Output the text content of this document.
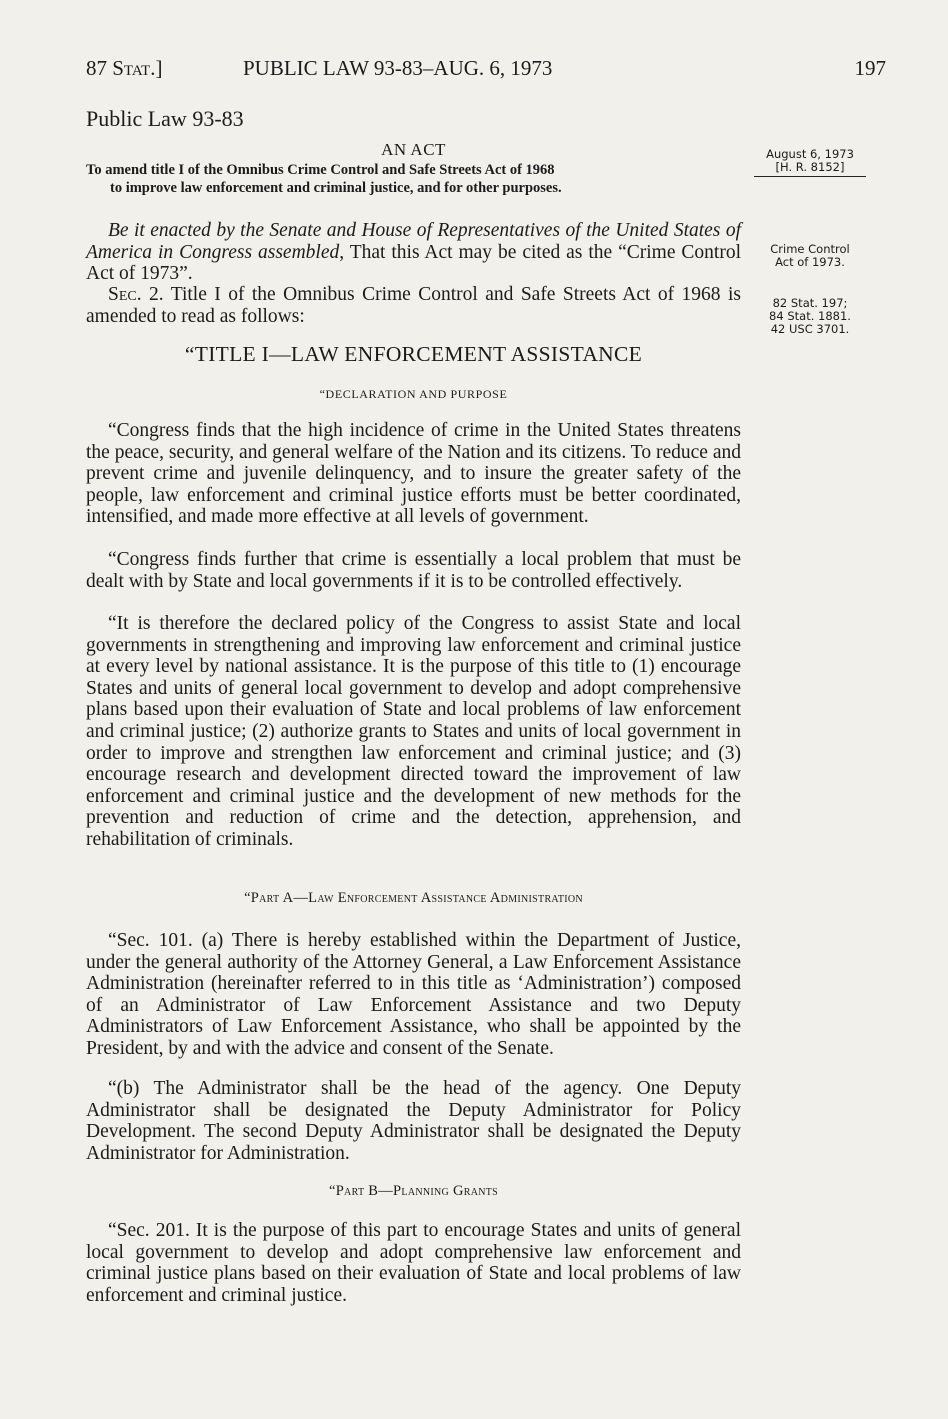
87 Stat.]	PUBLIC LAW 93-83–AUG. 6, 1973	197
Public Law 93-83
AN ACT
To amend title I of the Omnibus Crime Control and Safe Streets Act of 1968
to improve law enforcement and criminal justice, and for other purposes.
August 6, 1973
[H. R. 8152]
Crime Control
Act of 1973.
82 Stat. 197;
84 Stat. 1881.
42 USC 3701.

Be it enacted by the Senate and House of Representatives of the United States of America in Congress assembled, That this Act may be cited as the “Crime Control Act of 1973”.

Sec. 2. Title I of the Omnibus Crime Control and Safe Streets Act of 1968 is amended to read as follows:

“TITLE I—LAW ENFORCEMENT ASSISTANCE
“DECLARATION AND PURPOSE

“Congress finds that the high incidence of crime in the United States threatens the peace, security, and general welfare of the Nation and its citizens. To reduce and prevent crime and juvenile delinquency, and to insure the greater safety of the people, law enforcement and criminal justice efforts must be better coordinated, intensified, and made more effective at all levels of government.

“Congress finds further that crime is essentially a local problem that must be dealt with by State and local governments if it is to be controlled effectively.

“It is therefore the declared policy of the Congress to assist State and local governments in strengthening and improving law enforcement and criminal justice at every level by national assistance. It is the purpose of this title to (1) encourage States and units of general local government to develop and adopt comprehensive plans based upon their evaluation of State and local problems of law enforcement and criminal justice; (2) authorize grants to States and units of local government in order to improve and strengthen law enforcement and criminal justice; and (3) encourage research and development directed toward the improvement of law enforcement and criminal justice and the development of new methods for the prevention and reduction of crime and the detection, apprehension, and rehabilitation of criminals.

“Part A—Law Enforcement Assistance Administration

“Sec. 101. (a) There is hereby established within the Department of Justice, under the general authority of the Attorney General, a Law Enforcement Assistance Administration (hereinafter referred to in this title as ‘Administration’) composed of an Administrator of Law Enforcement Assistance and two Deputy Administrators of Law Enforcement Assistance, who shall be appointed by the President, by and with the advice and consent of the Senate.

“(b) The Administrator shall be the head of the agency. One Deputy Administrator shall be designated the Deputy Administrator for Policy Development. The second Deputy Administrator shall be designated the Deputy Administrator for Administration.

“Part B—Planning Grants

“Sec. 201. It is the purpose of this part to encourage States and units of general local government to develop and adopt comprehensive law enforcement and criminal justice plans based on their evaluation of State and local problems of law enforcement and criminal justice.
